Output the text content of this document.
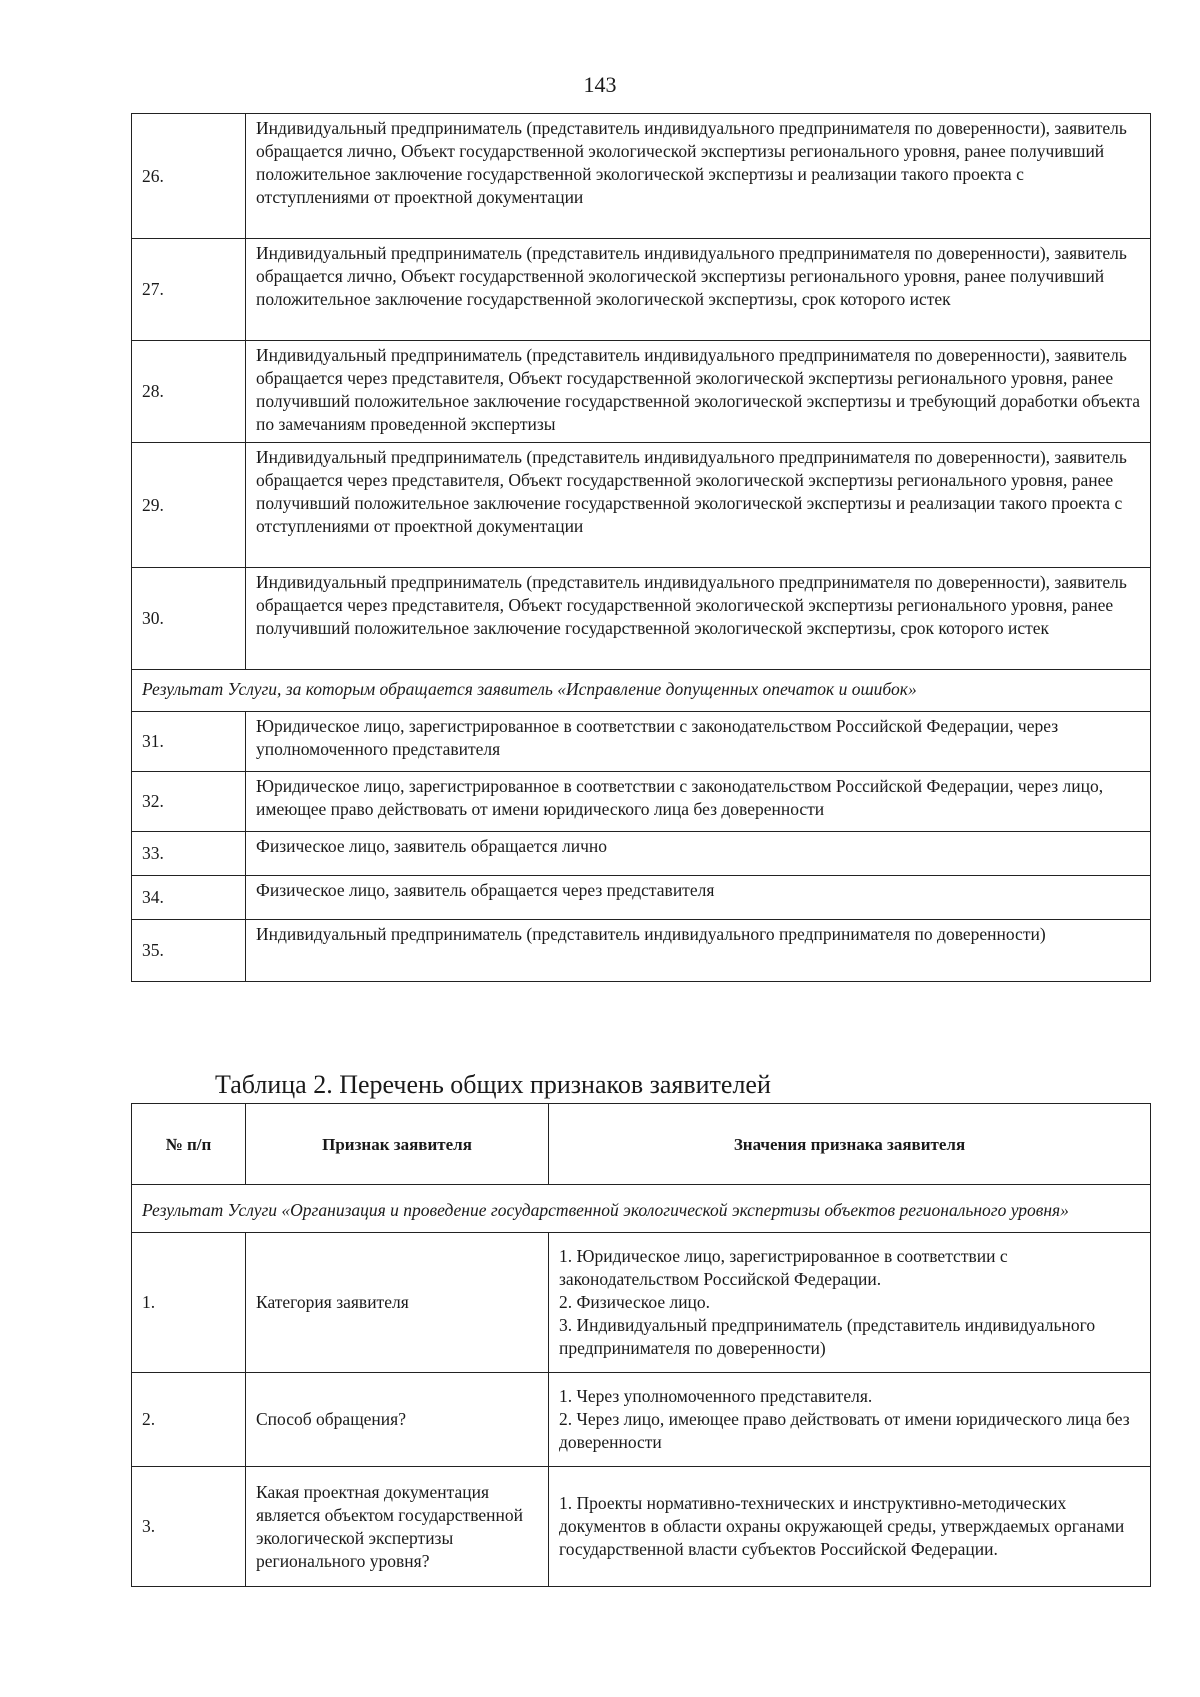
143
26.	Индивидуальный предприниматель (представитель индивидуального предпринимателя по доверенности), заявитель обращается лично, Объект государственной экологической экспертизы регионального уровня, ранее получивший положительное заключение государственной экологической экспертизы и реализации такого проекта с отступлениями от проектной документации
27.	Индивидуальный предприниматель (представитель индивидуального предпринимателя по доверенности), заявитель обращается лично, Объект государственной экологической экспертизы регионального уровня, ранее получивший положительное заключение государственной экологической экспертизы, срок которого истек
28.	Индивидуальный предприниматель (представитель индивидуального предпринимателя по доверенности), заявитель обращается через представителя, Объект государственной экологической экспертизы регионального уровня, ранее получивший положительное заключение государственной экологической экспертизы и требующий доработки объекта по замечаниям проведенной экспертизы
29.	Индивидуальный предприниматель (представитель индивидуального предпринимателя по доверенности), заявитель обращается через представителя, Объект государственной экологической экспертизы регионального уровня, ранее получивший положительное заключение государственной экологической экспертизы и реализации такого проекта с отступлениями от проектной документации
30.	Индивидуальный предприниматель (представитель индивидуального предпринимателя по доверенности), заявитель обращается через представителя, Объект государственной экологической экспертизы регионального уровня, ранее получивший положительное заключение государственной экологической экспертизы, срок которого истек
Результат Услуги, за которым обращается заявитель «Исправление допущенных опечаток и ошибок»	
31.	Юридическое лицо, зарегистрированное в соответствии с законодательством Российской Федерации, через уполномоченного представителя
32.	Юридическое лицо, зарегистрированное в соответствии с законодательством Российской Федерации, через лицо, имеющее право действовать от имени юридического лица без доверенности
33.	Физическое лицо, заявитель обращается лично
34.	Физическое лицо, заявитель обращается через представителя
35.	Индивидуальный предприниматель (представитель индивидуального предпринимателя по доверенности)
Таблица 2. Перечень общих признаков заявителей
№ п/п	Признак заявителя	Значения признака заявителя
Результат Услуги «Организация и проведение государственной экологической экспертизы объектов регионального уровня»		
1.	Категория заявителя	1. Юридическое лицо, зарегистрированное в соответствии с законодательством Российской Федерации.
2. Физическое лицо.
3. Индивидуальный предприниматель (представитель индивидуального предпринимателя по доверенности)

2.	Способ обращения?	1. Через уполномоченного представителя.
2. Через лицо, имеющее право действовать от имени юридического лица без доверенности

3.	Какая проектная документация является объектом государственной экологической экспертизы регионального уровня?	1. Проекты нормативно-технических и инструктивно-методических документов в области охраны окружающей среды, утверждаемых органами государственной власти субъектов Российской Федерации.
